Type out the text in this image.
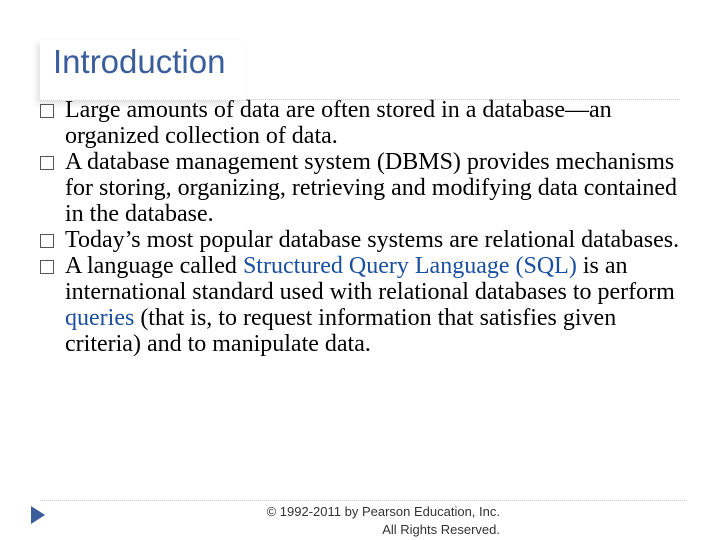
Introduction

Large amounts of data are often stored in a database—an organized collection of data.

A database management system (DBMS) provides mechanisms for storing, organizing, retrieving and modifying data contained in the database.

Today’s most popular database systems are relational databases.

A language called Structured Query Language (SQL) is an international standard used with relational databases to perform queries (that is, to request information that satisfies given criteria) and to manipulate data.

© 1992-2011 by Pearson Education, Inc.
All Rights Reserved.
